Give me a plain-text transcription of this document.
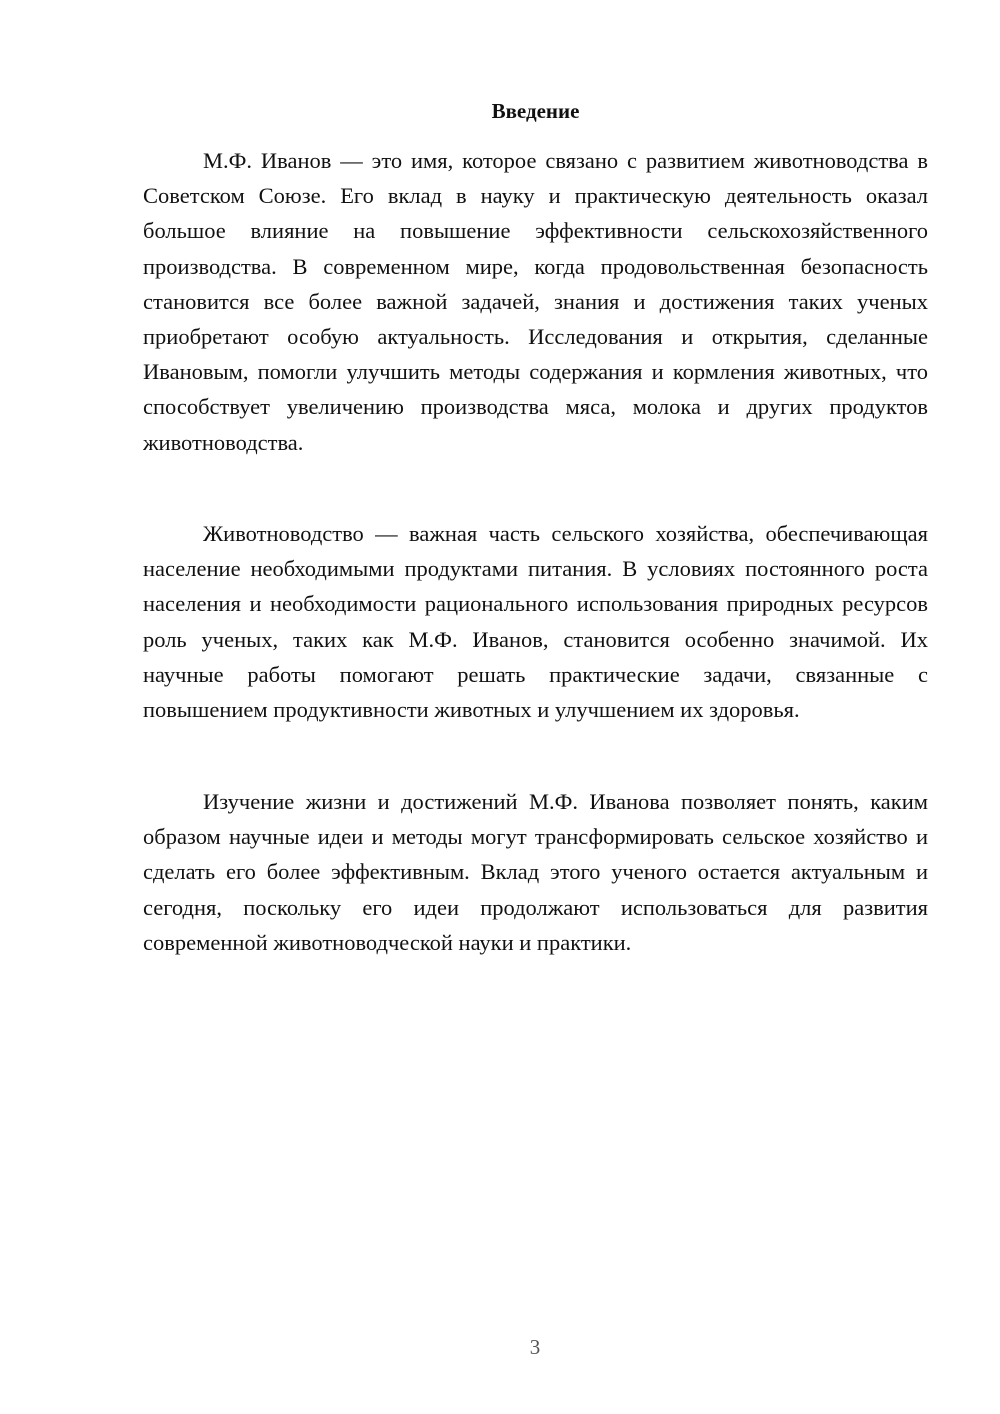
Введение

М.Ф. Иванов — это имя, которое связано с развитием животноводства в Советском Союзе. Его вклад в науку и практическую деятельность оказал большое влияние на повышение эффективности сельскохозяйственного производства. В современном мире, когда продовольственная безопасность становится все более важной задачей, знания и достижения таких ученых приобретают особую актуальность. Исследования и открытия, сделанные Ивановым, помогли улучшить методы содержания и кормления животных, что способствует увеличению производства мяса, молока и других продуктов животноводства.

Животноводство — важная часть сельского хозяйства, обеспечивающая население необходимыми продуктами питания. В условиях постоянного роста населения и необходимости рационального использования природных ресурсов роль ученых, таких как М.Ф. Иванов, становится особенно значимой. Их научные работы помогают решать практические задачи, связанные с повышением продуктивности животных и улучшением их здоровья.

Изучение жизни и достижений М.Ф. Иванова позволяет понять, каким образом научные идеи и методы могут трансформировать сельское хозяйство и сделать его более эффективным. Вклад этого ученого остается актуальным и сегодня, поскольку его идеи продолжают использоваться для развития современной животноводческой науки и практики.

3
